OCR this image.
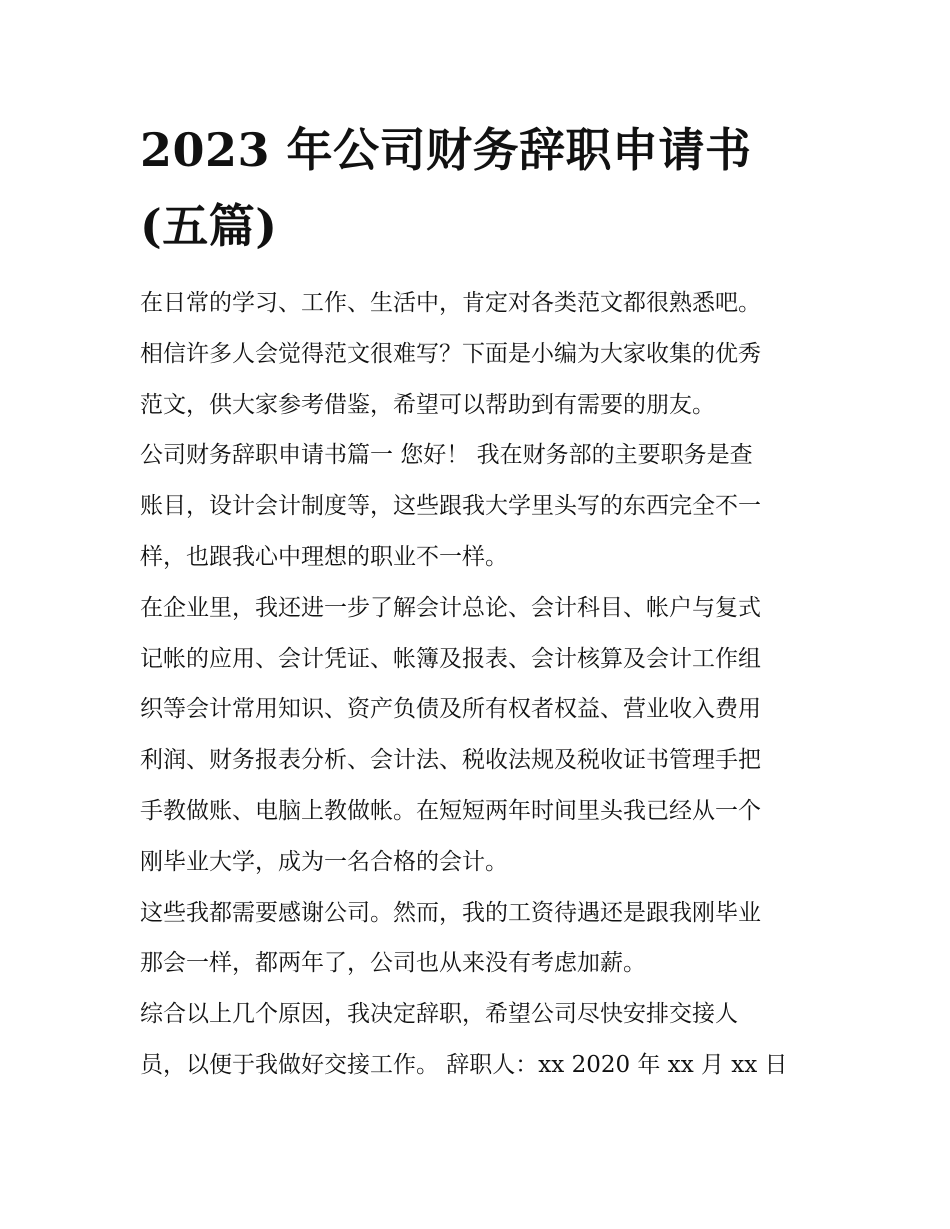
2023 年公司财务辞职申请书
(五篇)
在日常的学习、工作、生活中，肯定对各类范文都很熟悉吧。
相信许多人会觉得范文很难写？下面是小编为大家收集的优秀
范文，供大家参考借鉴，希望可以帮助到有需要的朋友。
公司财务辞职申请书篇一 您好！ 我在财务部的主要职务是查
账目，设计会计制度等，这些跟我大学里头写的东西完全不一
样，也跟我心中理想的职业不一样。
在企业里，我还进一步了解会计总论、会计科目、帐户与复式
记帐的应用、会计凭证、帐簿及报表、会计核算及会计工作组
织等会计常用知识、资产负债及所有权者权益、营业收入费用
利润、财务报表分析、会计法、税收法规及税收证书管理手把
手教做账、电脑上教做帐。在短短两年时间里头我已经从一个
刚毕业大学，成为一名合格的会计。
这些我都需要感谢公司。然而，我的工资待遇还是跟我刚毕业
那会一样，都两年了，公司也从来没有考虑加薪。
综合以上几个原因，我决定辞职，希望公司尽快安排交接人
员，以便于我做好交接工作。 辞职人：xx 2020 年 xx 月 xx 日
